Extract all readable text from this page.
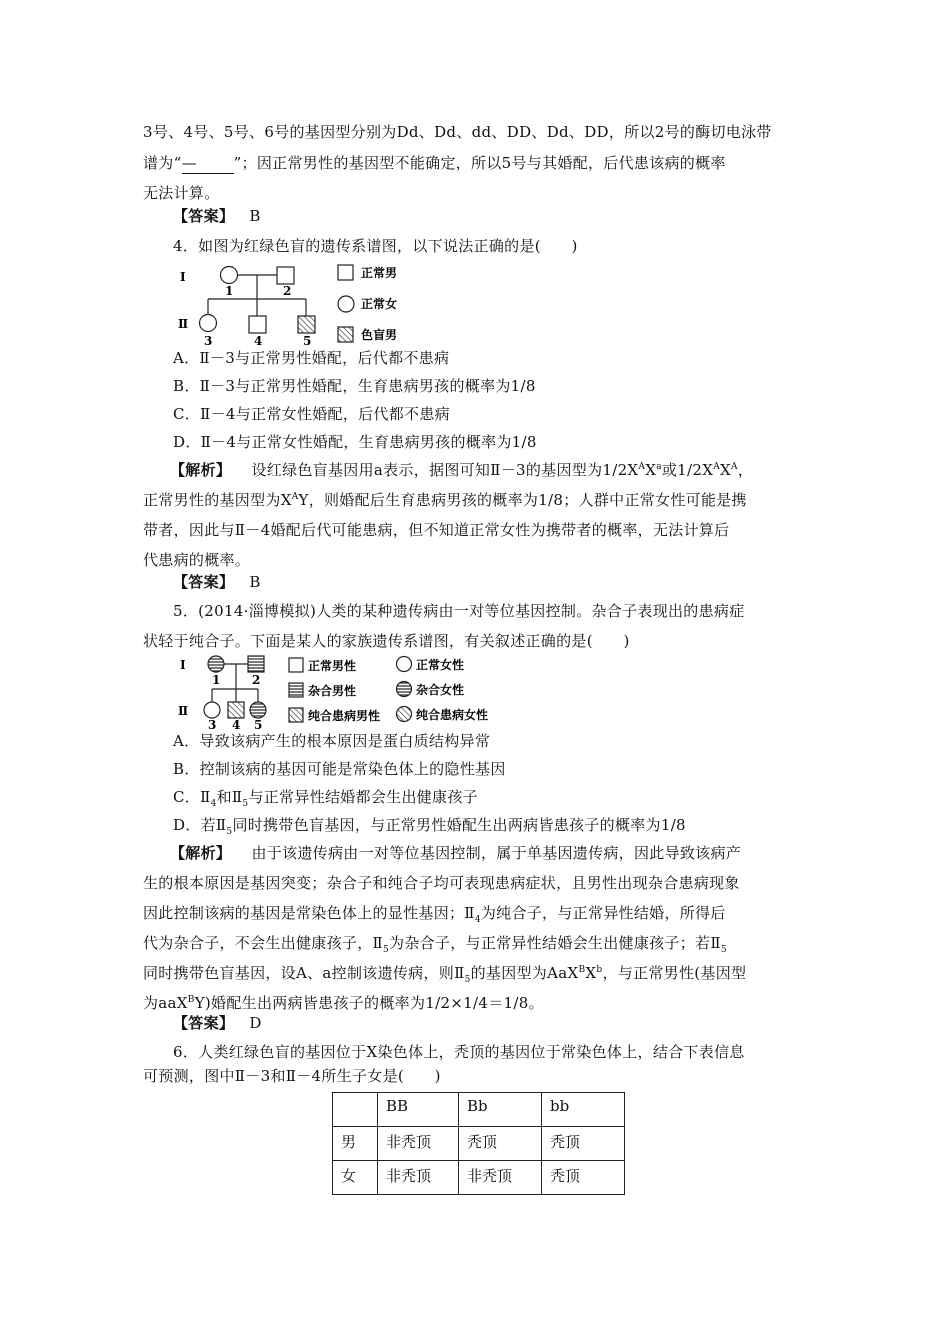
3号、4号、5号、6号的基因型分别为Dd、Dd、dd、DD、Dd、DD，所以2号的酶切电泳带
谱为“— ”；因正常男性的基因型不能确定，所以5号与其婚配，后代患该病的概率
无法计算。
【答案】 B
4．如图为红绿色盲的遗传系谱图，以下说法正确的是(　　)
Ⅰ
Ⅱ
1	2
3	4	5
正常男
正常女
色盲男
A．Ⅱ－3与正常男性婚配，后代都不患病
B．Ⅱ－3与正常男性婚配，生育患病男孩的概率为1/8
C．Ⅱ－4与正常女性婚配，后代都不患病
D．Ⅱ－4与正常女性婚配，生育患病男孩的概率为1/8
【解析】 设红绿色盲基因用a表示，据图可知Ⅱ－3的基因型为$1/2X^AX^a$或$1/2X^AX^A$，
正常男性的基因型为$X^AY$，则婚配后生育患病男孩的概率为1/8；人群中正常女性可能是携
带者，因此与Ⅱ－4婚配后代可能患病，但不知道正常女性为携带者的概率，无法计算后
代患病的概率。
【答案】 B
5．(2014·淄博模拟)人类的某种遗传病由一对等位基因控制。杂合子表现出的患病症
状轻于纯合子。下面是某人的家族遗传系谱图，有关叙述正确的是(　　)
Ⅰ
Ⅱ
1	2
3 4 5
正常男性	正常女性
杂合男性	杂合女性
纯合患病男性	纯合患病女性
A．导致该病产生的根本原因是蛋白质结构异常
B．控制该病的基因可能是常染色体上的隐性基因
C．$Ⅱ_4$和$Ⅱ_5$与正常异性结婚都会生出健康孩子
D．若$Ⅱ_5$同时携带色盲基因，与正常男性婚配生出两病皆患孩子的概率为1/8
【解析】 由于该遗传病由一对等位基因控制，属于单基因遗传病，因此导致该病产
生的根本原因是基因突变；杂合子和纯合子均可表现患病症状，且男性出现杂合患病现象
因此控制该病的基因是常染色体上的显性基因；$Ⅱ_4$为纯合子，与正常异性结婚，所得后
代为杂合子，不会生出健康孩子，$Ⅱ_5$为杂合子，与正常异性结婚会生出健康孩子；若$Ⅱ_5$
同时携带色盲基因，设A、a控制该遗传病，则$Ⅱ_5$的基因型为$AaX^BX^b$，与正常男性(基因型
为aaX$^B$Y)婚配生出两病皆患孩子的概率为1/2×1/4＝1/8。
【答案】 D
6．人类红绿色盲的基因位于X染色体上，秃顶的基因位于常染色体上，结合下表信息
可预测，图中Ⅱ－3和Ⅱ－4所生子女是(　　)
	BB	Bb	bb
男	非秃顶	秃顶	秃顶
女	非秃顶	非秃顶	秃顶
